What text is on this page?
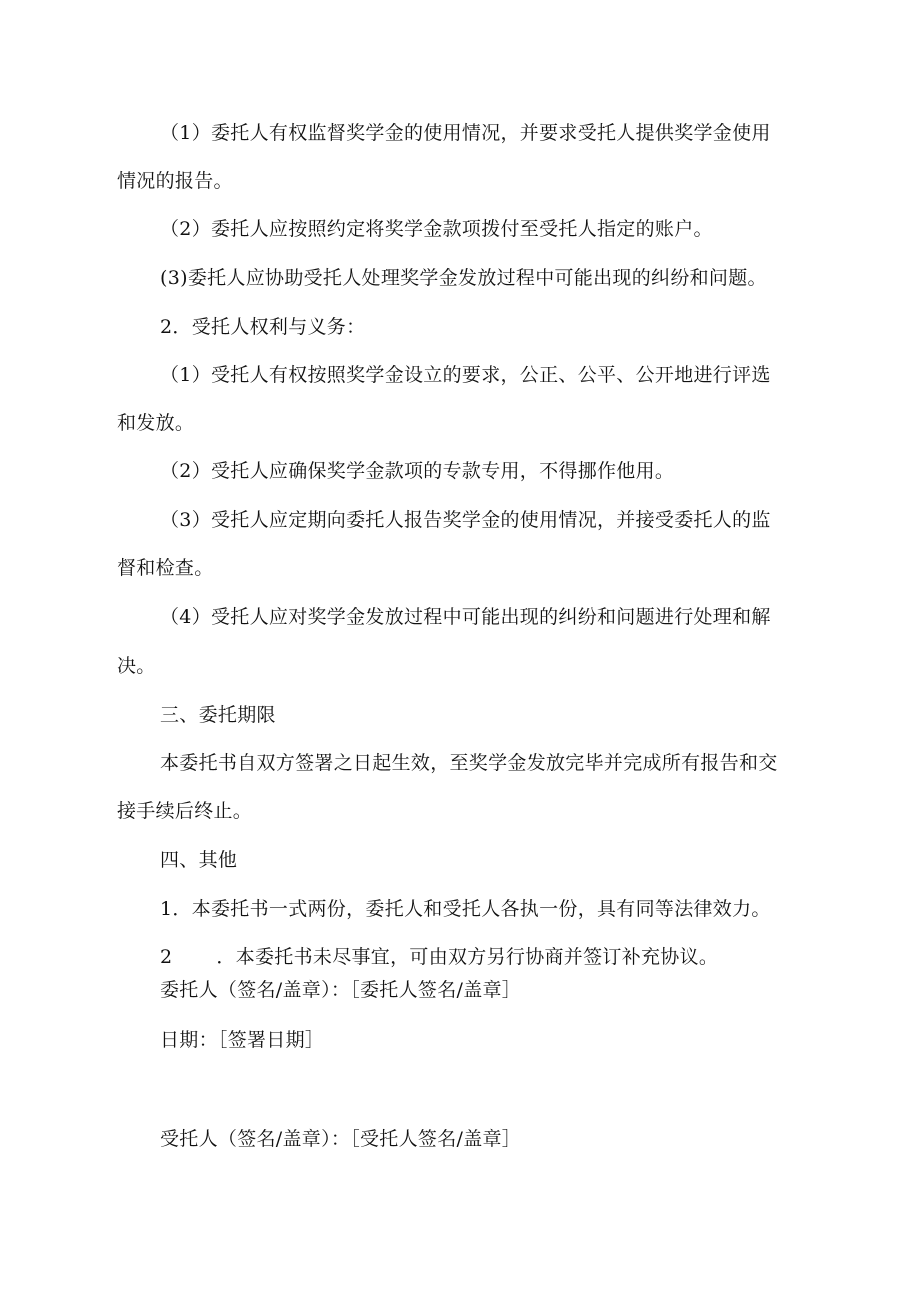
（1）委托人有权监督奖学金的使用情况，并要求受托人提供奖学金使用
情况的报告。
（2）委托人应按照约定将奖学金款项拨付至受托人指定的账户。
(3)委托人应协助受托人处理奖学金发放过程中可能出现的纠纷和问题。
2．受托人权利与义务：
（1）受托人有权按照奖学金设立的要求，公正、公平、公开地进行评选
和发放。
（2）受托人应确保奖学金款项的专款专用，不得挪作他用。
（3）受托人应定期向委托人报告奖学金的使用情况，并接受委托人的监
督和检查。
（4）受托人应对奖学金发放过程中可能出现的纠纷和问题进行处理和解
决。
三、委托期限
本委托书自双方签署之日起生效，至奖学金发放完毕并完成所有报告和交
接手续后终止。
四、其他
1．本委托书一式两份，委托人和受托人各执一份，具有同等法律效力。
2 ．本委托书未尽事宜，可由双方另行协商并签订补充协议。
委托人（签名/盖章）：［委托人签名/盖章］
日期：［签署日期］
受托人（签名/盖章）：［受托人签名/盖章］
